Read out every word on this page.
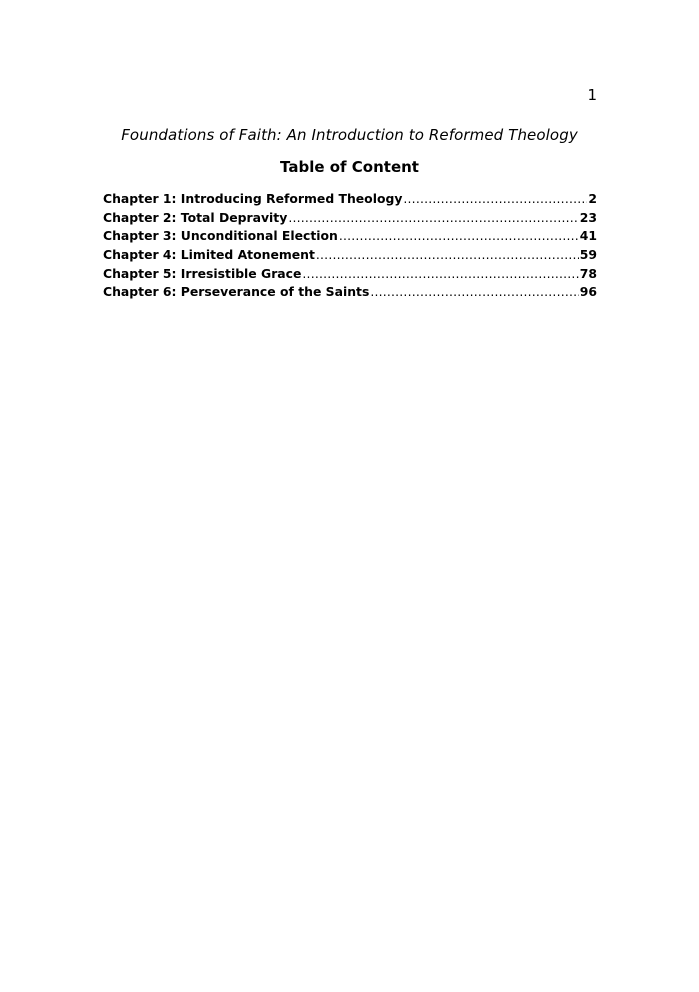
1
Foundations of Faith: An Introduction to Reformed Theology
Table of Content
Chapter 1: Introducing Reformed Theology .....	2
Chapter 2: Total Depravity .....	23
Chapter 3: Unconditional Election .....	41
Chapter 4: Limited Atonement .....	59
Chapter 5: Irresistible Grace .....	78
Chapter 6: Perseverance of the Saints .....	96
